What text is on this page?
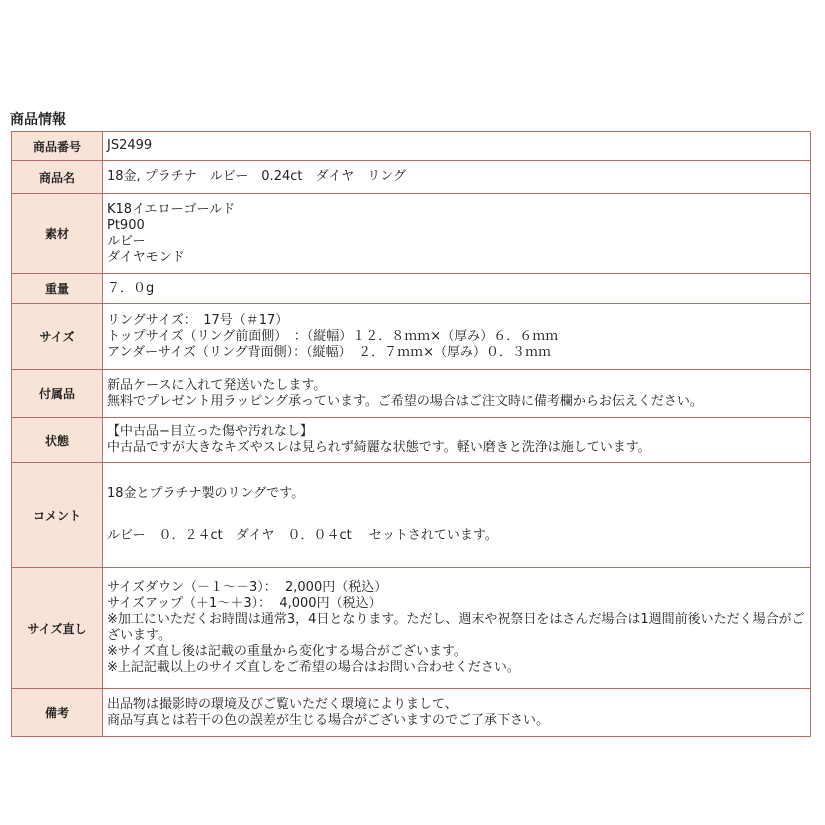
商品情報
商品番号	JS2499
商品名	18金, プラチナ　ルビー　0.24ct　ダイヤ　リング
素材	K18イエローゴールド
Pt900
ルビー
ダイヤモンド

重量	７．０g
サイズ	リングサイズ：　17号（＃17）
トップサイズ（リング前面側）　：（縦幅）１２．８ｍｍ×（厚み）６．６ｍｍ
アンダーサイズ（リング背面側）：（縦幅）　２．７ｍｍ×（厚み）０．３ｍｍ

付属品	新品ケースに入れて発送いたします。
無料でプレゼント用ラッピング承っています。ご希望の場合はご注文時に備考欄からお伝えください。

状態	【中古品−目立った傷や汚れなし】
中古品ですが大きなキズやスレは見られず綺麗な状態です。軽い磨きと洗浄は施しています。

コメント	18金とプラチナ製のリングです。
ルビー　０．２４ct　ダイヤ　０．０４ct　 セットされています。

サイズ直し	サイズダウン（－１～－3）：  2,000円（税込）
サイズアップ（＋1～＋3）：  4,000円（税込）
※加工にいただくお時間は通常3，4日となります。ただし、週末や祝祭日をはさんだ場合は1週間前後いただく場合がございます。
※サイズ直し後は記載の重量から変化する場合がございます。
※上記記載以上のサイズ直しをご希望の場合はお問い合わせください。

備考	出品物は撮影時の環境及びご覧いただく環境によりまして、
商品写真とは若干の色の誤差が生じる場合がございますのでご了承下さい。
